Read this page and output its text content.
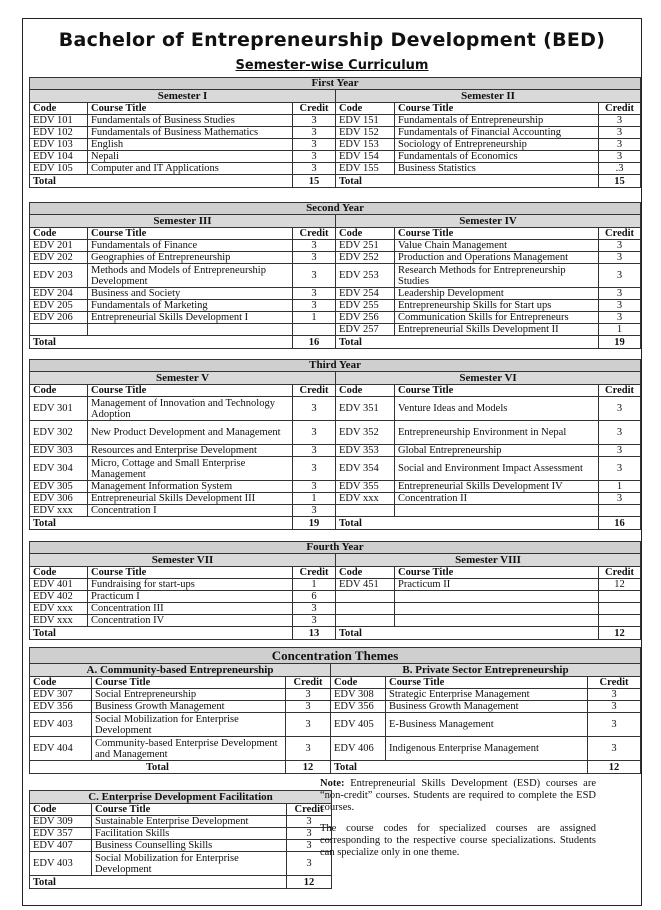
Bachelor of Entrepreneurship Development (BED)
Semester-wise Curriculum
First Year					
Semester I			Semester II		
Code	Course Title	Credit	Code	Course Title	Credit
EDV 101	Fundamentals of Business Studies	3	EDV 151	Fundamentals of Entrepreneurship	3
EDV 102	Fundamentals of Business Mathematics	3	EDV 152	Fundamentals of Financial Accounting	3
EDV 103	English	3	EDV 153	Sociology of Entrepreneurship	3
EDV 104	Nepali	3	EDV 154	Fundamentals of Economics	3
EDV 105	Computer and IT Applications	3	EDV 155	Business Statistics	.3
Total		15	Total		15
Second Year					
Semester III			Semester IV		
Code	Course Title	Credit	Code	Course Title	Credit
EDV 201	Fundamentals of Finance	3	EDV 251	Value Chain Management	3
EDV 202	Geographies of Entrepreneurship	3	EDV 252	Production and Operations Management	3
EDV 203	Methods and Models of Entrepreneurship Development	3	EDV 253	Research Methods for Entrepreneurship Studies	3
EDV 204	Business and Society	3	EDV 254	Leadership Development	3
EDV 205	Fundamentals of Marketing	3	EDV 255	Entrepreneurship Skills for Start ups	3
EDV 206	Entrepreneurial Skills Development I	1	EDV 256	Communication Skills for Entrepreneurs	3
			EDV 257	Entrepreneurial Skills Development II	1
Total		16	Total		19
Third Year					
Semester V			Semester VI		
Code	Course Title	Credit	Code	Course Title	Credit
EDV 301	Management of Innovation and Technology Adoption	3	EDV 351	Venture Ideas and Models	3
EDV 302	New Product Development and Management	3	EDV 352	Entrepreneurship Environment in Nepal	3
EDV 303	Resources and Enterprise Development	3	EDV 353	Global Entrepreneurship	3
EDV 304	Micro, Cottage and Small Enterprise Management	3	EDV 354	Social and Environment Impact Assessment	3
EDV 305	Management Information System	3	EDV 355	Entrepreneurial Skills Development IV	1
EDV 306	Entrepreneurial Skills Development III	1	EDV xxx	Concentration II	3
EDV xxx	Concentration I	3			
Total		19	Total		16
Fourth Year					
Semester VII			Semester VIII		
Code	Course Title	Credit	Code	Course Title	Credit
EDV 401	Fundraising for start-ups	1	EDV 451	Practicum II	12
EDV 402	Practicum I	6			
EDV xxx	Concentration III	3			
EDV xxx	Concentration IV	3			
Total		13	Total		12
Concentration Themes					
A. Community-based Entrepreneurship			B. Private Sector Entrepreneurship		
Code	Course Title	Credit	Code	Course Title	Credit
EDV 307	Social Entrepreneurship	3	EDV 308	Strategic Enterprise Management	3
EDV 356	Business Growth Management	3	EDV 356	Business Growth Management	3
EDV 403	Social Mobilization for Enterprise Development	3	EDV 405	E-Business Management	3
EDV 404	Community-based Enterprise Development and Management	3	EDV 406	Indigenous Enterprise Management	3
Total		12	Total		12
C. Enterprise Development Facilitation		
Code	Course Title	Credit
EDV 309	Sustainable Enterprise Development	3
EDV 357	Facilitation Skills	3
EDV 407	Business Counselling Skills	3
EDV 403	Social Mobilization for Enterprise Development	3
Total		12

Note: Entrepreneurial Skills Development (ESD) courses are “non-credit” courses. Students are required to complete the ESD courses.

The course codes for specialized courses are assigned corresponding to the respective course specializations. Students can specialize only in one theme.
